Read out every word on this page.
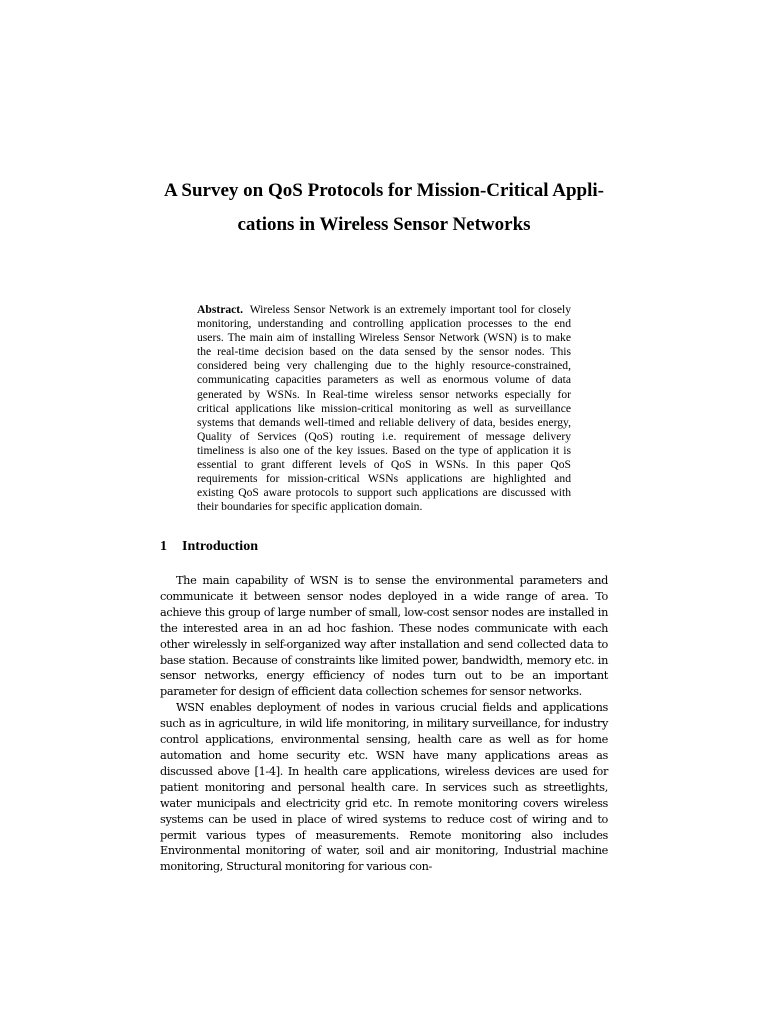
A Survey on QoS Protocols for Mission-Critical Appli-
cations in Wireless Sensor Networks
Abstract. Wireless Sensor Network is an extremely important tool for closely monitoring, understanding and controlling application processes to the end users. The main aim of installing Wireless Sensor Network (WSN) is to make the real-time decision based on the data sensed by the sensor nodes. This considered being very challenging due to the highly resource-constrained, communicating capacities parameters as well as enormous volume of data generated by WSNs. In Real-time wireless sensor networks especially for critical applications like mission-critical monitoring as well as surveillance systems that demands well-timed and reliable delivery of data, besides energy, Quality of Services (QoS) routing i.e. requirement of message delivery timeliness is also one of the key issues. Based on the type of application it is essential to grant different levels of QoS in WSNs. In this paper QoS requirements for mission-critical WSNs applications are highlighted and existing QoS aware protocols to support such applications are discussed with their boundaries for specific application domain.
1 Introduction

The main capability of WSN is to sense the environmental parameters and communicate it between sensor nodes deployed in a wide range of area. To achieve this group of large number of small, low-cost sensor nodes are installed in the interested area in an ad hoc fashion. These nodes communicate with each other wirelessly in self-organized way after installation and send collected data to base station. Because of constraints like limited power, bandwidth, memory etc. in sensor networks, energy efficiency of nodes turn out to be an important parameter for design of efficient data collection schemes for sensor networks.

WSN enables deployment of nodes in various crucial fields and applications such as in agriculture, in wild life monitoring, in military surveillance, for industry control applications, environmental sensing, health care as well as for home automation and home security etc. WSN have many applications areas as discussed above [1-4]. In health care applications, wireless devices are used for patient monitoring and personal health care. In services such as streetlights, water municipals and electricity grid etc. In remote monitoring covers wireless systems can be used in place of wired systems to reduce cost of wiring and to permit various types of measurements. Remote monitoring also includes Environmental monitoring of water, soil and air monitoring, Industrial machine monitoring, Structural monitoring for various con-
